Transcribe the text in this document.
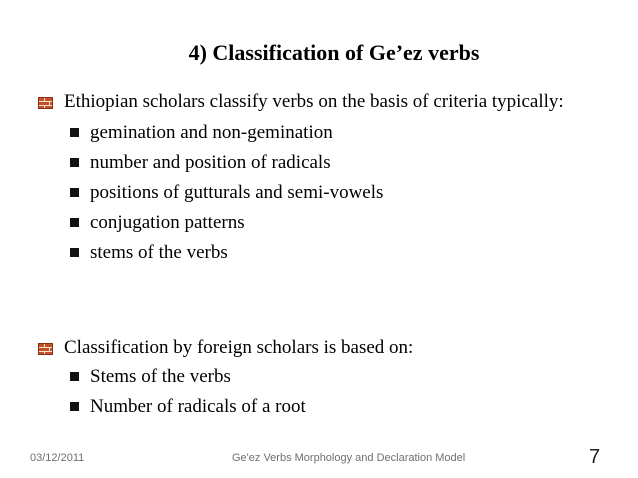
4) Classification of Ge’ez verbs
Ethiopian scholars classify verbs on the basis of criteria typically:
gemination and non-gemination
number and position of radicals
positions of gutturals and semi-vowels
conjugation patterns
stems of the verbs
Classification by foreign scholars is based on:
Stems of the verbs
Number of radicals of a root
03/12/2011	Ge'ez Verbs Morphology and Declaration Model	7
